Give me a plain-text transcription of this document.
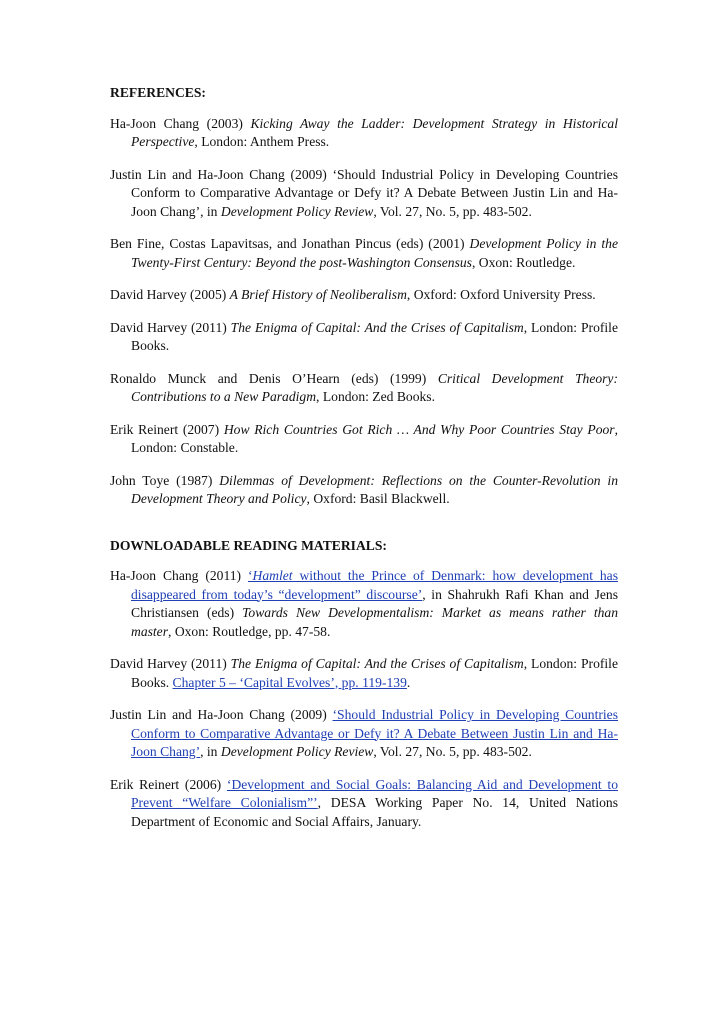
REFERENCES:

Ha-Joon Chang (2003) Kicking Away the Ladder: Development Strategy in Historical Perspective, London: Anthem Press.

Justin Lin and Ha-Joon Chang (2009) ‘Should Industrial Policy in Developing Countries Conform to Comparative Advantage or Defy it? A Debate Between Justin Lin and Ha-Joon Chang’, in Development Policy Review, Vol. 27, No. 5, pp. 483-502.

Ben Fine, Costas Lapavitsas, and Jonathan Pincus (eds) (2001) Development Policy in the Twenty-First Century: Beyond the post-Washington Consensus, Oxon: Routledge.

David Harvey (2005) A Brief History of Neoliberalism, Oxford: Oxford University Press.

David Harvey (2011) The Enigma of Capital: And the Crises of Capitalism, London: Profile Books.

Ronaldo Munck and Denis O’Hearn (eds) (1999) Critical Development Theory: Contributions to a New Paradigm, London: Zed Books.

Erik Reinert (2007) How Rich Countries Got Rich … And Why Poor Countries Stay Poor, London: Constable.

John Toye (1987) Dilemmas of Development: Reflections on the Counter-Revolution in Development Theory and Policy, Oxford: Basil Blackwell.

DOWNLOADABLE READING MATERIALS:

Ha-Joon Chang (2011) ‘Hamlet without the Prince of Denmark: how development has disappeared from today’s “development” discourse’, in Shahrukh Rafi Khan and Jens Christiansen (eds) Towards New Developmentalism: Market as means rather than master, Oxon: Routledge, pp. 47-58.

David Harvey (2011) The Enigma of Capital: And the Crises of Capitalism, London: Profile Books. Chapter 5 – ‘Capital Evolves’, pp. 119-139.

Justin Lin and Ha-Joon Chang (2009) ‘Should Industrial Policy in Developing Countries Conform to Comparative Advantage or Defy it? A Debate Between Justin Lin and Ha-Joon Chang’, in Development Policy Review, Vol. 27, No. 5, pp. 483-502.

Erik Reinert (2006) ‘Development and Social Goals: Balancing Aid and Development to Prevent “Welfare Colonialism”’, DESA Working Paper No. 14, United Nations Department of Economic and Social Affairs, January.
